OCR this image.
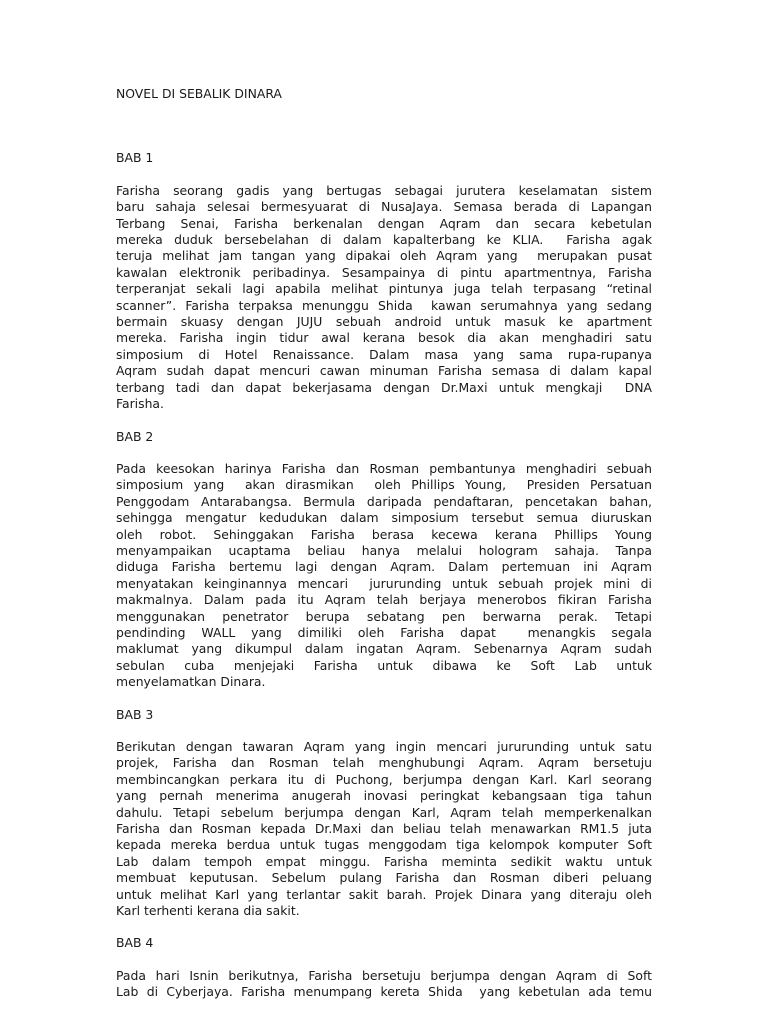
NOVEL DI SEBALIK DINARA
BAB 1
Farisha seorang gadis yang bertugas sebagai jurutera keselamatan sistem
baru sahaja selesai bermesyuarat di NusaJaya. Semasa berada di Lapangan
Terbang Senai, Farisha berkenalan dengan Aqram dan secara kebetulan
mereka duduk bersebelahan di dalam kapalterbang ke KLIA.  Farisha agak
teruja melihat jam tangan yang dipakai oleh Aqram yang  merupakan pusat
kawalan elektronik peribadinya. Sesampainya di pintu apartmentnya, Farisha
terperanjat sekali lagi apabila melihat pintunya juga telah terpasang “retinal
scanner”. Farisha terpaksa menunggu Shida  kawan serumahnya yang sedang
bermain skuasy dengan JUJU sebuah android untuk masuk ke apartment
mereka. Farisha ingin tidur awal kerana besok dia akan menghadiri satu
simposium di Hotel Renaissance. Dalam masa yang sama rupa-rupanya
Aqram sudah dapat mencuri cawan minuman Farisha semasa di dalam kapal
terbang tadi dan dapat bekerjasama dengan Dr.Maxi untuk mengkaji  DNA
Farisha.
BAB 2
Pada keesokan harinya Farisha dan Rosman pembantunya menghadiri sebuah
simposium yang  akan dirasmikan  oleh Phillips Young,  Presiden Persatuan
Penggodam Antarabangsa. Bermula daripada pendaftaran, pencetakan bahan,
sehingga mengatur kedudukan dalam simposium tersebut semua diuruskan
oleh robot. Sehinggakan Farisha berasa kecewa kerana Phillips Young
menyampaikan ucaptama beliau hanya melalui hologram sahaja. Tanpa
diduga Farisha bertemu lagi dengan Aqram. Dalam pertemuan ini Aqram
menyatakan keinginannya mencari  jururunding untuk sebuah projek mini di
makmalnya. Dalam pada itu Aqram telah berjaya menerobos fikiran Farisha
menggunakan penetrator berupa sebatang pen berwarna perak. Tetapi
pendinding WALL yang dimiliki oleh Farisha dapat  menangkis segala
maklumat yang dikumpul dalam ingatan Aqram. Sebenarnya Aqram sudah
sebulan cuba menjejaki Farisha untuk dibawa ke Soft Lab untuk
menyelamatkan Dinara.
BAB 3
Berikutan dengan tawaran Aqram yang ingin mencari jururunding untuk satu
projek, Farisha dan Rosman telah menghubungi Aqram. Aqram bersetuju
membincangkan perkara itu di Puchong, berjumpa dengan Karl. Karl seorang
yang pernah menerima anugerah inovasi peringkat kebangsaan tiga tahun
dahulu. Tetapi sebelum berjumpa dengan Karl, Aqram telah memperkenalkan
Farisha dan Rosman kepada Dr.Maxi dan beliau telah menawarkan RM1.5 juta
kepada mereka berdua untuk tugas menggodam tiga kelompok komputer Soft
Lab dalam tempoh empat minggu. Farisha meminta sedikit waktu untuk
membuat keputusan. Sebelum pulang Farisha dan Rosman diberi peluang
untuk melihat Karl yang terlantar sakit barah. Projek Dinara yang diteraju oleh
Karl terhenti kerana dia sakit.
BAB 4
Pada hari Isnin berikutnya, Farisha bersetuju berjumpa dengan Aqram di Soft
Lab di Cyberjaya. Farisha menumpang kereta Shida  yang kebetulan ada temu
